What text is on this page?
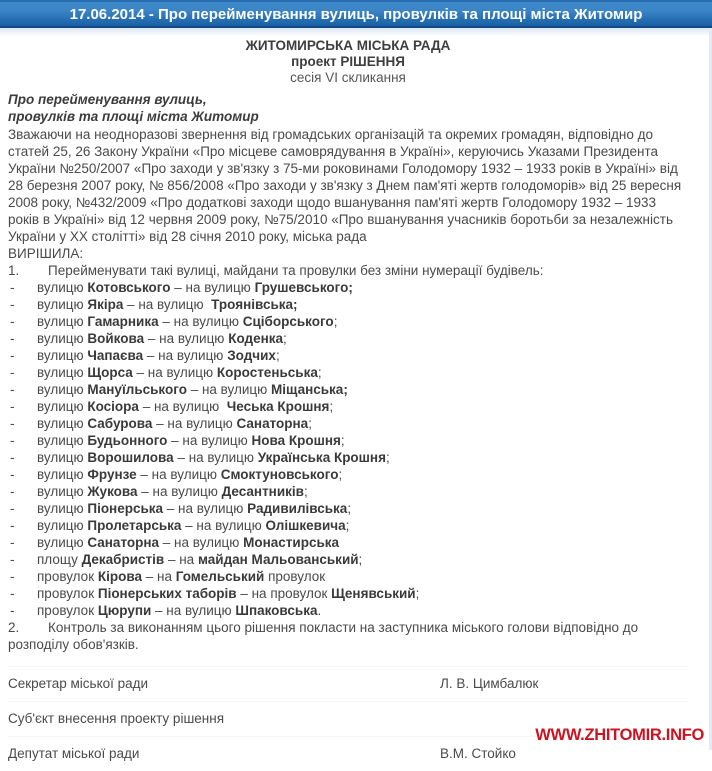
17.06.2014 - Про перейменування вулиць, провулків та площі міста Житомир
ЖИТОМИРСЬКА МІСЬКА РАДА
проект РІШЕННЯ
сесія VI скликання
Про перейменування вулиць,
провулків та площі міста Житомир
Зважаючи на неодноразові звернення від громадських організацій та окремих громадян, відповідно до статей 25, 26 Закону України «Про місцеве самоврядування в Україні», керуючись Указами Президента України №250/2007 «Про заходи у зв'язку з 75-ми роковинами Голодомору 1932 – 1933 років в Україні» від 28 березня 2007 року, № 856/2008 «Про заходи у зв'язку з Днем пам'яті жертв голодоморів» від 25 вересня 2008 року, №432/2009 «Про додаткові заходи щодо вшанування пам'яті жертв Голодомору 1932 – 1933 років в Україні» від 12 червня 2009 року, №75/2010 «Про вшанування учасників боротьби за незалежність України у ХХ столітті» від 28 січня 2010 року, міська рада
ВИРІШИЛА:
1. Перейменувати такі вулиці, майдани та провулки без зміни нумерації будівель:
-	вулицю Котовського – на вулицю Грушевського;
-	вулицю Якіра – на вулицю  Троянівська;
-	вулицю Гамарника – на вулицю Сціборського;
-	вулицю Войкова – на вулицю Коденка;
-	вулицю Чапаєва – на вулицю Зодчих;
-	вулицю Щорса – на вулицю Коростеньська;
-	вулицю Мануїльського – на вулицю Міщанська;
-	вулицю Косіора – на вулицю  Чеська Крошня;
-	вулицю Сабурова – на вулицю Санаторна;
-	вулицю Будьонного – на вулицю Нова Крошня;
-	вулицю Ворошилова – на вулицю Українська Крошня;
-	вулицю Фрунзе – на вулицю Смоктуновського;
-	вулицю Жукова – на вулицю Десантників;
-	вулицю Піонерська – на вулицю Радивилівська;
-	вулицю Пролетарська – на вулицю Олішкевича;
-	вулицю Санаторна – на вулицю Монастирська
-	площу Декабристів – на майдан Мальованський;
-	провулок Кірова – на Гомельський провулок
-	провулок Піонерських таборів – на провулок Щенявський;
-	провулок Цюрупи – на вулицю Шпаковська.
2. Контроль за виконанням цього рішення покласти на заступника міського голови відповідно до розподілу обов'язків.
Секретар міської ради	Л. В. Цимбалюк
Суб'єкт внесення проекту рішення
Депутат міської ради	В.М. Стойко
WWW.ZHITOMIR.INFO
